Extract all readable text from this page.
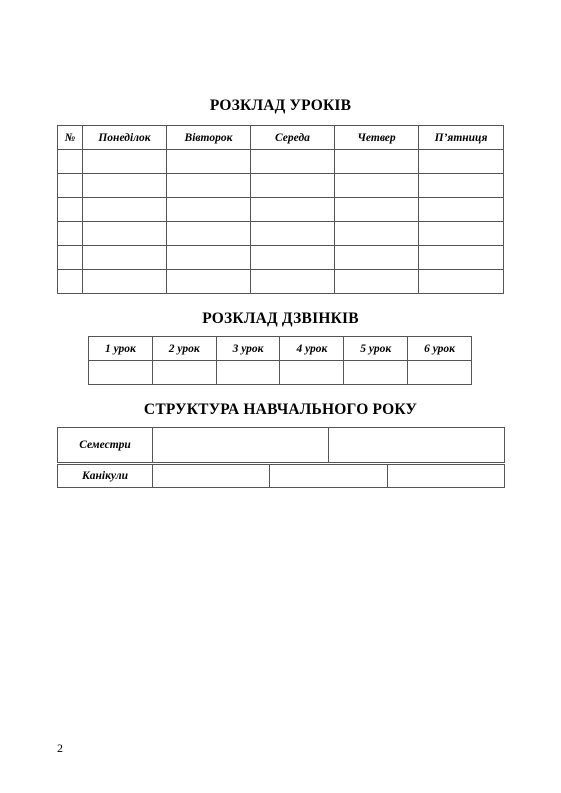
РОЗКЛАД УРОКІВ
№	Понеділок	Вівторок	Середа	Четвер	П’ятниця

РОЗКЛАД ДЗВІНКІВ
1 урок	2 урок	3 урок	4 урок	5 урок	6 урок

СТРУКТУРА НАВЧАЛЬНОГО РОКУ
Семестри		
Канікули			
2
